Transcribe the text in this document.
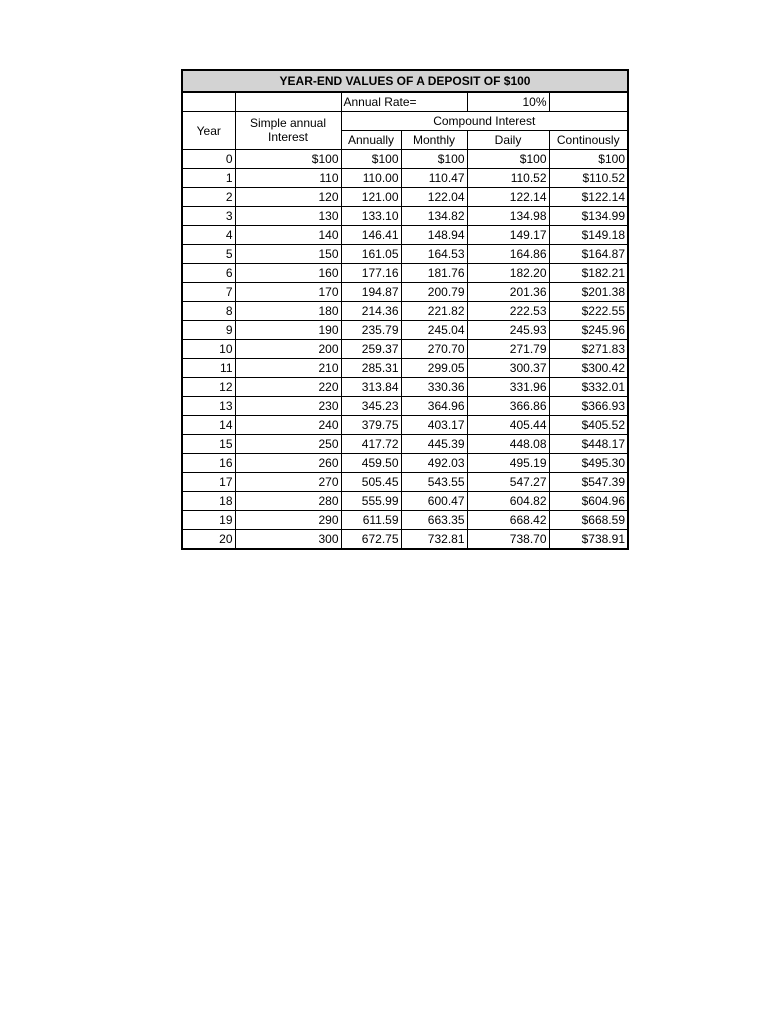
YEAR-END VALUES OF A DEPOSIT OF $100					
		Annual Rate=		10%	
Year	Simple annual Interest	Compound Interest			
		Annually	Monthly	Daily	Continously
0	$100	$100	$100	$100	$100
1	110	110.00	110.47	110.52	$110.52
2	120	121.00	122.04	122.14	$122.14
3	130	133.10	134.82	134.98	$134.99
4	140	146.41	148.94	149.17	$149.18
5	150	161.05	164.53	164.86	$164.87
6	160	177.16	181.76	182.20	$182.21
7	170	194.87	200.79	201.36	$201.38
8	180	214.36	221.82	222.53	$222.55
9	190	235.79	245.04	245.93	$245.96
10	200	259.37	270.70	271.79	$271.83
11	210	285.31	299.05	300.37	$300.42
12	220	313.84	330.36	331.96	$332.01
13	230	345.23	364.96	366.86	$366.93
14	240	379.75	403.17	405.44	$405.52
15	250	417.72	445.39	448.08	$448.17
16	260	459.50	492.03	495.19	$495.30
17	270	505.45	543.55	547.27	$547.39
18	280	555.99	600.47	604.82	$604.96
19	290	611.59	663.35	668.42	$668.59
20	300	672.75	732.81	738.70	$738.91
